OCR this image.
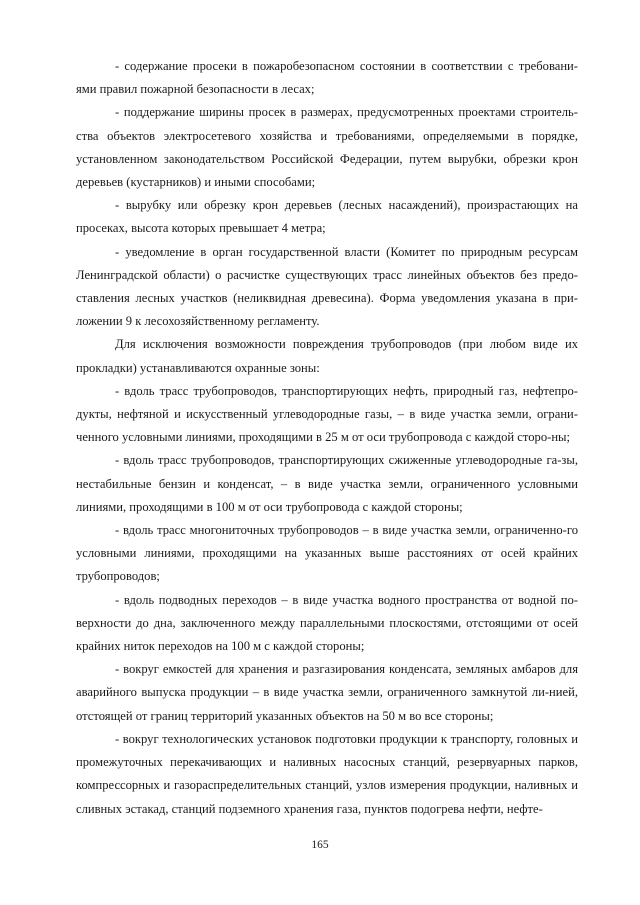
- содержание просеки в пожаробезопасном состоянии в соответствии с требовани-ями правил пожарной безопасности в лесах;

- поддержание ширины просек в размерах, предусмотренных проектами строитель-ства объектов электросетевого хозяйства и требованиями, определяемыми в порядке, установленном законодательством Российской Федерации, путем вырубки, обрезки крон деревьев (кустарников) и иными способами;

- вырубку или обрезку крон деревьев (лесных насаждений), произрастающих на просеках, высота которых превышает 4 метра;

- уведомление в орган государственной власти (Комитет по природным ресурсам Ленинградской области) о расчистке существующих трасс линейных объектов без предо-ставления лесных участков (неликвидная древесина). Форма уведомления указана в при-ложении 9 к лесохозяйственному регламенту.

Для исключения возможности повреждения трубопроводов (при любом виде их прокладки) устанавливаются охранные зоны:

- вдоль трасс трубопроводов, транспортирующих нефть, природный газ, нефтепро-дукты, нефтяной и искусственный углеводородные газы, – в виде участка земли, ограни-ченного условными линиями, проходящими в 25 м от оси трубопровода с каждой сторо-ны;

- вдоль трасс трубопроводов, транспортирующих сжиженные углеводородные га-зы, нестабильные бензин и конденсат, – в виде участка земли, ограниченного условными линиями, проходящими в 100 м от оси трубопровода с каждой стороны;

- вдоль трасс многониточных трубопроводов – в виде участка земли, ограниченно-го условными линиями, проходящими на указанных выше расстояниях от осей крайних трубопроводов;

- вдоль подводных переходов – в виде участка водного пространства от водной по-верхности до дна, заключенного между параллельными плоскостями, отстоящими от осей крайних ниток переходов на 100 м с каждой стороны;

- вокруг емкостей для хранения и разгазирования конденсата, земляных амбаров для аварийного выпуска продукции – в виде участка земли, ограниченного замкнутой ли-нией, отстоящей от границ территорий указанных объектов на 50 м во все стороны;

- вокруг технологических установок подготовки продукции к транспорту, головных и промежуточных перекачивающих и наливных насосных станций, резервуарных парков, компрессорных и газораспределительных станций, узлов измерения продукции, наливных и сливных эстакад, станций подземного хранения газа, пунктов подогрева нефти, нефте-

165
